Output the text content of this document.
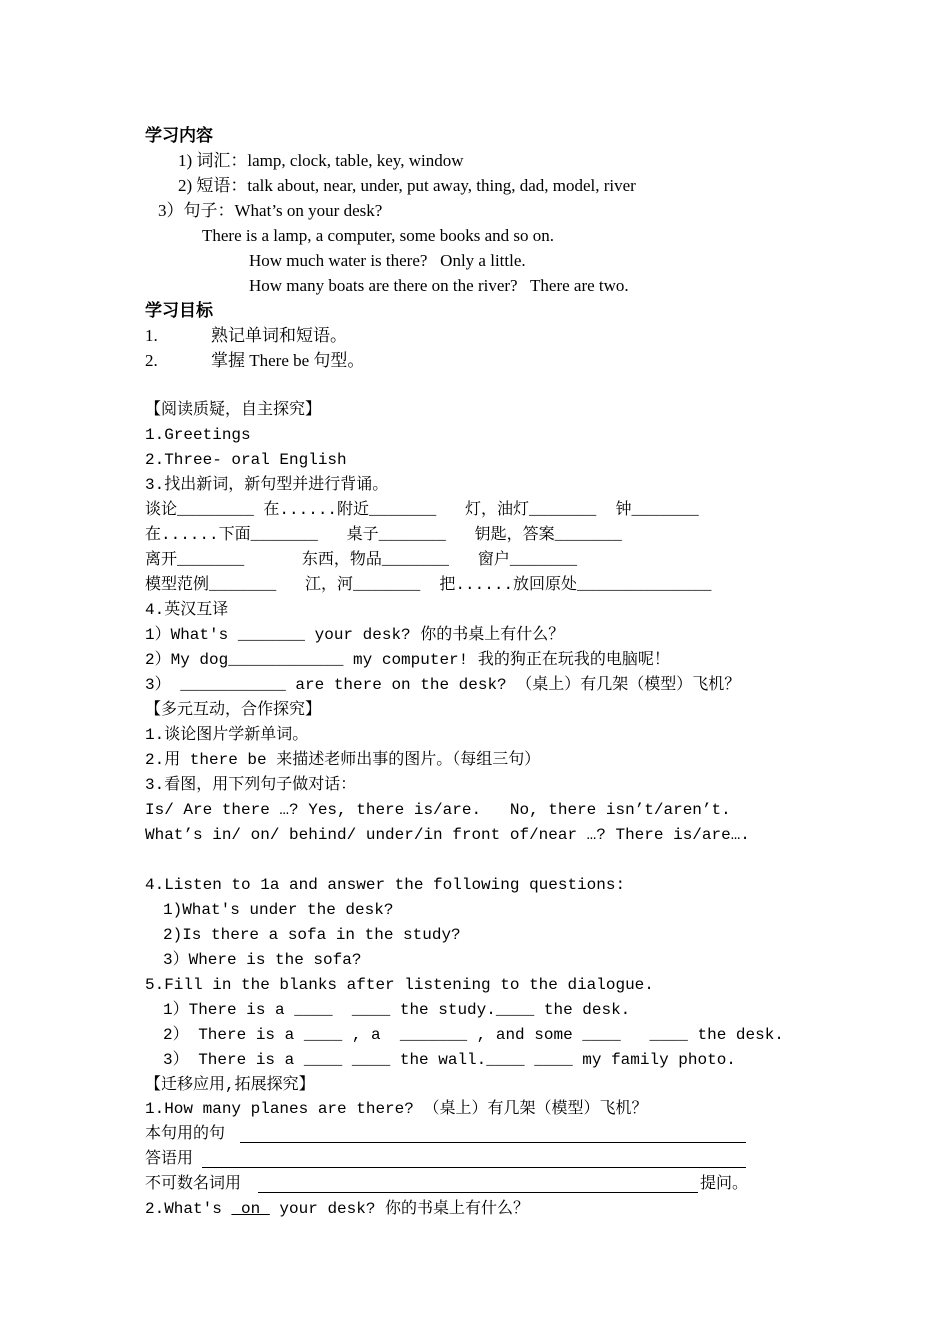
学习内容
1) 词汇：lamp, clock, table, key, window
2) 短语：talk about, near, under, put away, thing, dad, model, river
3）句子：What’s on your desk?
There is a lamp, a computer, some books and so on.
How much water is there?   Only a little.
How many boats are there on the river?   There are two.
学习目标
1.	熟记单词和短语。
2.	掌握 There be 句型。
【阅读质疑，自主探究】
1.Greetings
2.Three- oral English
3.找出新词，新句型并进行背诵。
谈论________ 在......附近_______   灯，油灯_______  钟_______
在......下面_______   桌子_______   钥匙，答案_______
离开_______      东西，物品_______   窗户_______
模型范例_______   江，河_______  把......放回原处______________
4.英汉互译
1）What's _______ your desk? 你的书桌上有什么？
2）My dog____________ my computer! 我的狗正在玩我的电脑呢！
3） ___________ are there on the desk? （桌上）有几架（模型）飞机？
【多元互动，合作探究】
1.谈论图片学新单词。
2.用 there be 来描述老师出事的图片。（每组三句）
3.看图，用下列句子做对话：
Is/ Are there …? Yes, there is/are.   No, there isn’t/aren’t.
What’s in/ on/ behind/ under/in front of/near …? There is/are….
4.Listen to 1a and answer the following questions:
1)What's under the desk?
2)Is there a sofa in the study?
3）Where is the sofa?
5.Fill in the blanks after listening to the dialogue.
1）There is a ____  ____ the study.____ the desk.
2） There is a ____ , a  _______ , and some ____   ____ the desk.
3） There is a ____ ____ the wall.____ ____ my family photo.
【迁移应用,拓展探究】
1.How many planes are there? （桌上）有几架（模型）飞机？
本句用的句
答语用
不可数名词用	提问。
2.What's  on  your desk? 你的书桌上有什么？
